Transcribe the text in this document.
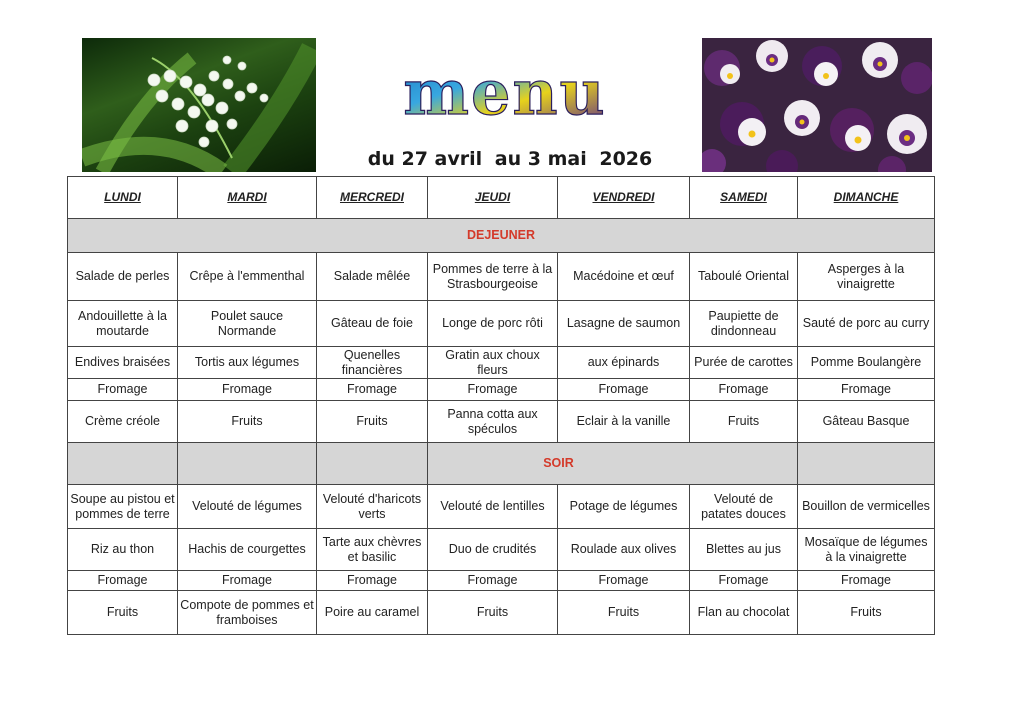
menu
du 27 avril au 3 mai 2026
LUNDI	MARDI	MERCREDI	JEUDI	VENDREDI	SAMEDI	DIMANCHE
DEJEUNER						
Salade de perles	Crêpe à l'emmenthal	Salade mêlée	Pommes de terre à la Strasbourgeoise	Macédoine et œuf	Taboulé Oriental	Asperges à la vinaigrette
Andouillette à la moutarde	Poulet sauce Normande	Gâteau de foie	Longe de porc rôti	Lasagne de saumon	Paupiette de dindonneau	Sauté de porc au curry
Endives braisées	Tortis aux légumes	Quenelles financières	Gratin aux choux fleurs	aux épinards	Purée de carottes	Pomme Boulangère
Fromage	Fromage	Fromage	Fromage	Fromage	Fromage	Fromage
Crème créole	Fruits	Fruits	Panna cotta aux spéculos	Eclair à la vanille	Fruits	Gâteau Basque
			SOIR			
Soupe au pistou et pommes de terre	Velouté de légumes	Velouté d'haricots verts	Velouté de lentilles	Potage de légumes	Velouté de patates douces	Bouillon de vermicelles
Riz au thon	Hachis de courgettes	Tarte aux chèvres et basilic	Duo de crudités	Roulade aux olives	Blettes au jus	Mosaïque de légumes à la vinaigrette
Fromage	Fromage	Fromage	Fromage	Fromage	Fromage	Fromage
Fruits	Compote de pommes et framboises	Poire au caramel	Fruits	Fruits	Flan au chocolat	Fruits
